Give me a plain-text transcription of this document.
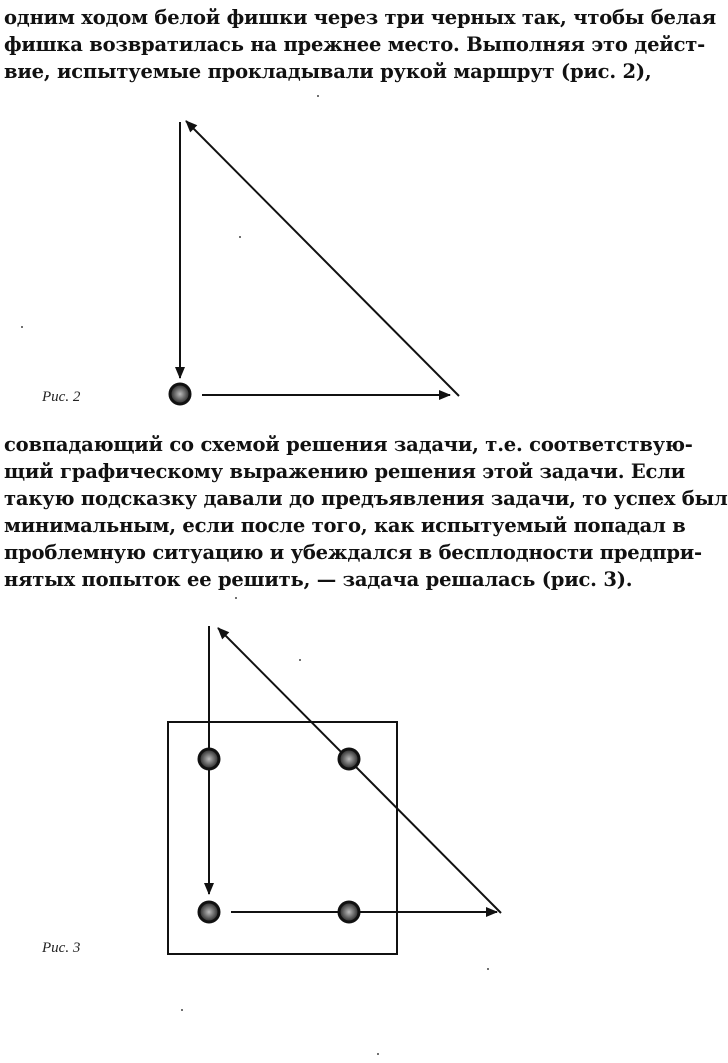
одним ходом белой фишки через три черных так, чтобы белая
фишка возвратилась на прежнее место. Выполняя это дейст-
вие, испытуемые прокладывали рукой маршрут (рис. 2),

Рис. 2

совпадающий со схемой решения задачи, т.е. соответствую-
щий графическому выражению решения этой задачи. Если
такую подсказку давали до предъявления задачи, то успех был
минимальным, если после того, как испытуемый попадал в
проблемную ситуацию и убеждался в бесплодности предпри-
нятых попыток ее решить, — задача решалась (рис. 3).

Рис. 3
